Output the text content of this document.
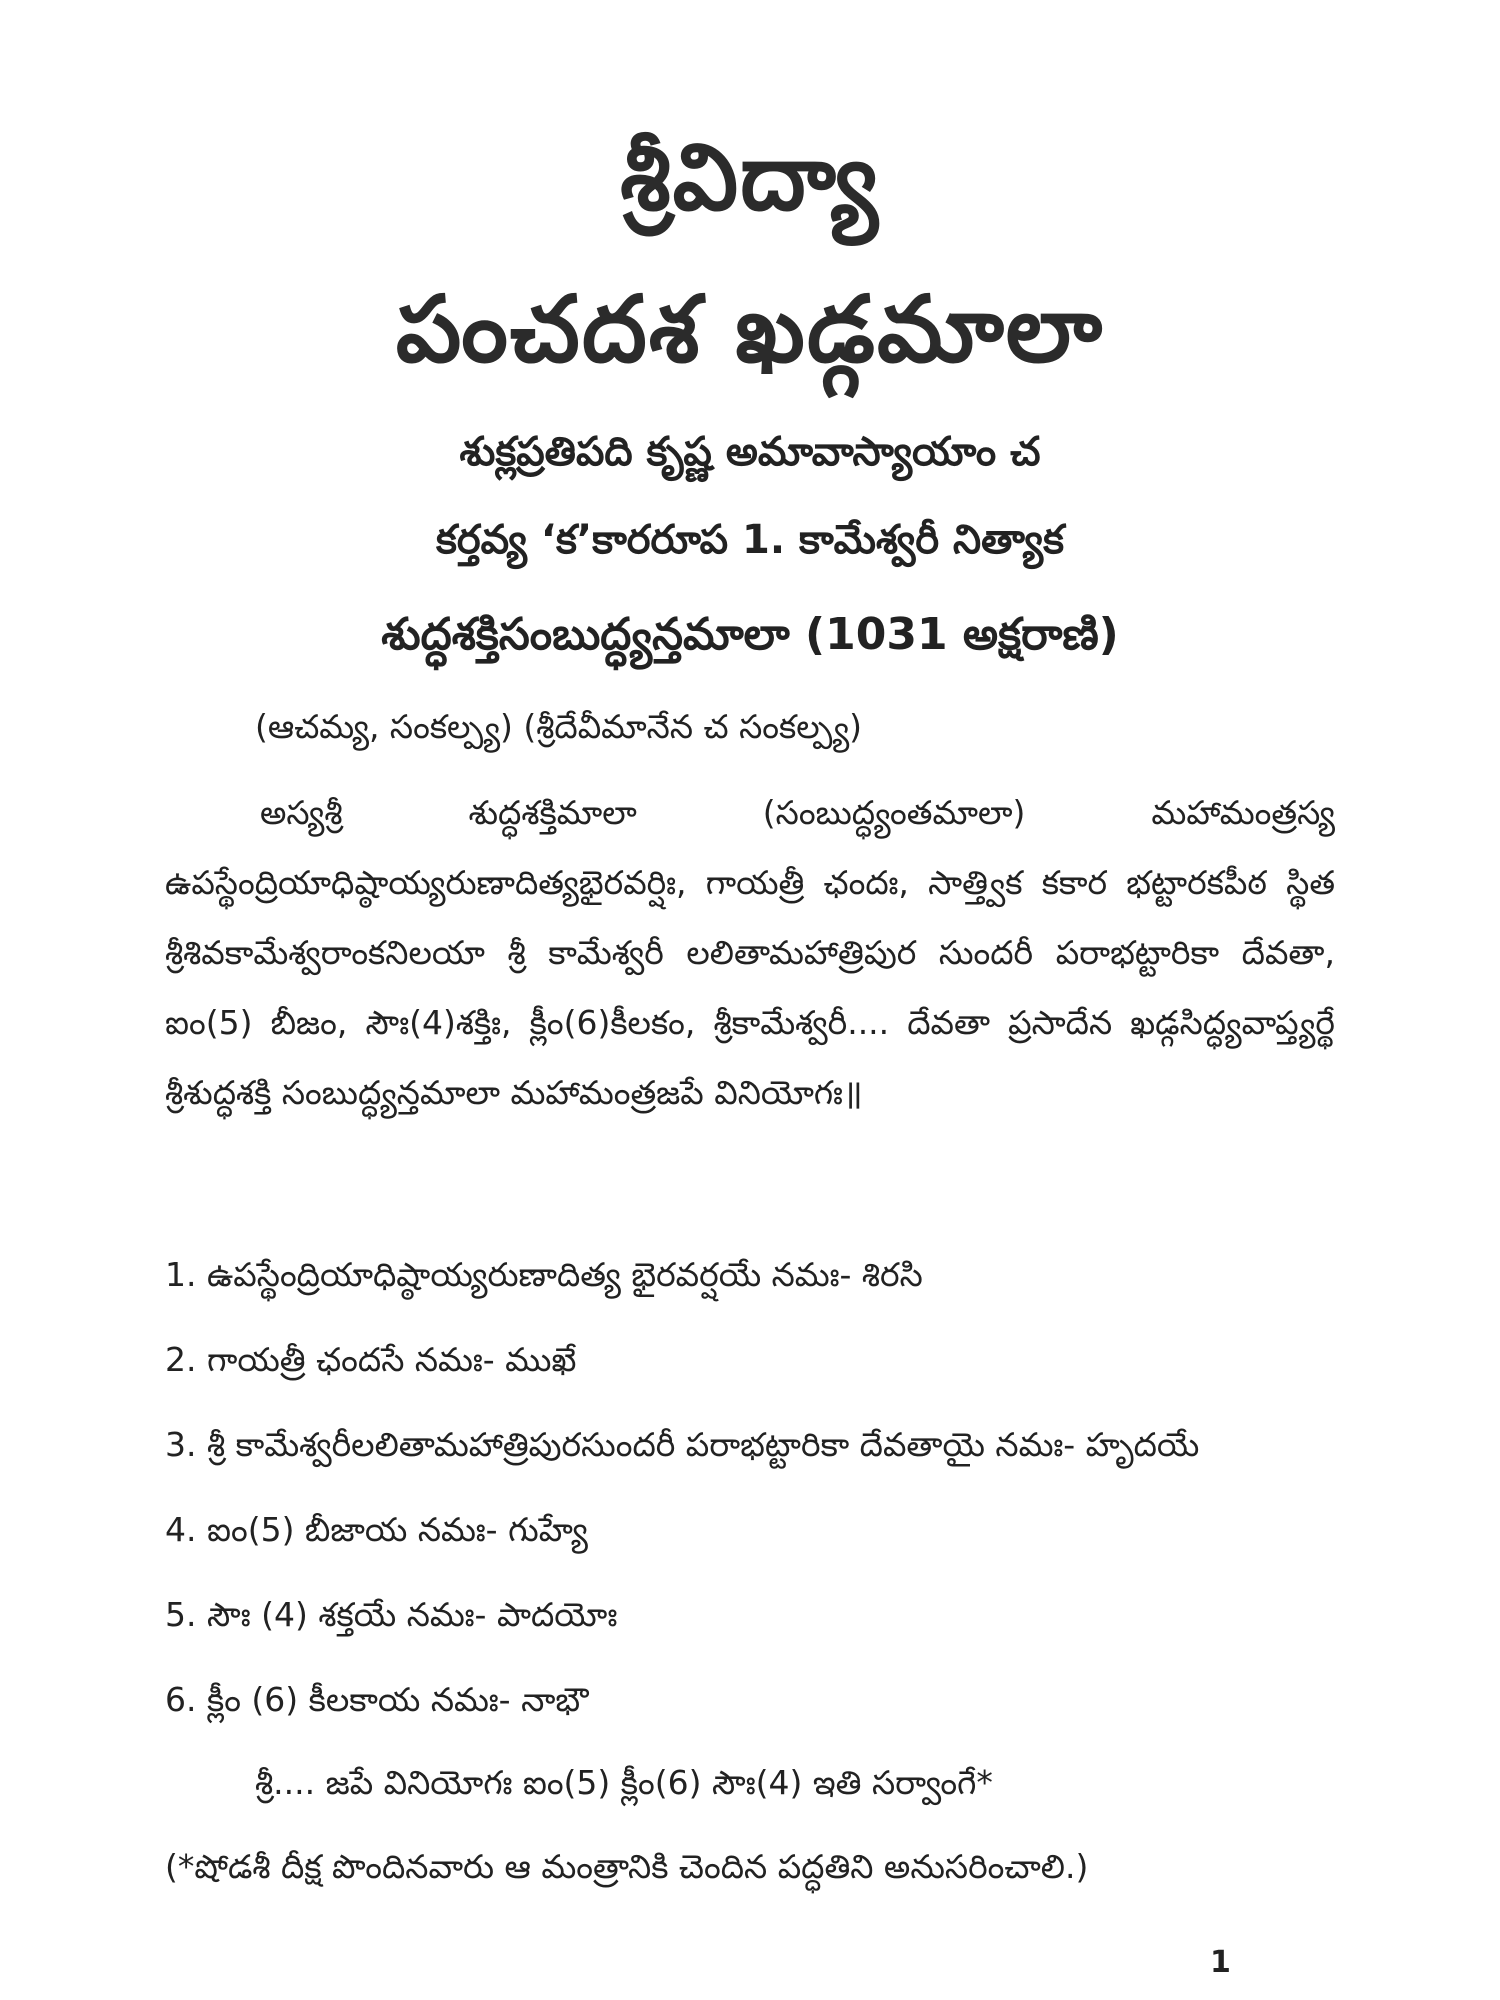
శ్రీవిద్యా
పంచదశ ఖడ్గమాలా
శుక్లప్రతిపది కృష్ణ అమావాస్యాయాం చ
కర్తవ్య ‘క’కారరూప 1. కామేశ్వరీ నిత్యాక
శుద్ధశక్తిసంబుద్ధ్యన్తమాలా (1031 అక్షరాణి)
(ఆచమ్య, సంకల్ప్య) (శ్రీదేవీమానేన చ సంకల్ప్య)
అస్యశ్రీ శుద్ధశక్తిమాలా (సంబుద్ధ్యంతమాలా) మహామంత్రస్య ఉపస్థేంద్రియాధిష్ఠాయ్యరుణాదిత్యభైరవర్షిః, గాయత్రీ ఛందః, సాత్త్విక కకార భట్టారకపీఠ స్థిత శ్రీశివకామేశ్వరాంకనిలయా శ్రీ కామేశ్వరీ లలితామహాత్రిపుర సుందరీ పరాభట్టారికా దేవతా, ఐం(5) బీజం, సౌః(4)శక్తిః, క్లీం(6)కీలకం, శ్రీకామేశ్వరీ.... దేవతా ప్రసాదేన ఖడ్గసిద్ధ్యవాప్త్యర్థే శ్రీశుద్ధశక్తి సంబుద్ధ్యన్తమాలా మహామంత్రజపే వినియోగః॥
1. ఉపస్థేంద్రియాధిష్ఠాయ్యరుణాదిత్య భైరవర్షయే నమః- శిరసి
2. గాయత్రీ ఛందసే నమః- ముఖే
3. శ్రీ కామేశ్వరీలలితామహాత్రిపురసుందరీ పరాభట్టారికా దేవతాయై నమః- హృదయే
4. ఐం(5) బీజాయ నమః- గుహ్యే
5. సౌః (4) శక్తయే నమః- పాదయోః
6. క్లీం (6) కీలకాయ నమః- నాభౌ
శ్రీ.... జపే వినియోగః ఐం(5) క్లీం(6) సౌః(4) ఇతి సర్వాంగే*
(*షోడశీ దీక్ష పొందినవారు ఆ మంత్రానికి చెందిన పద్ధతిని అనుసరించాలి.)
1
